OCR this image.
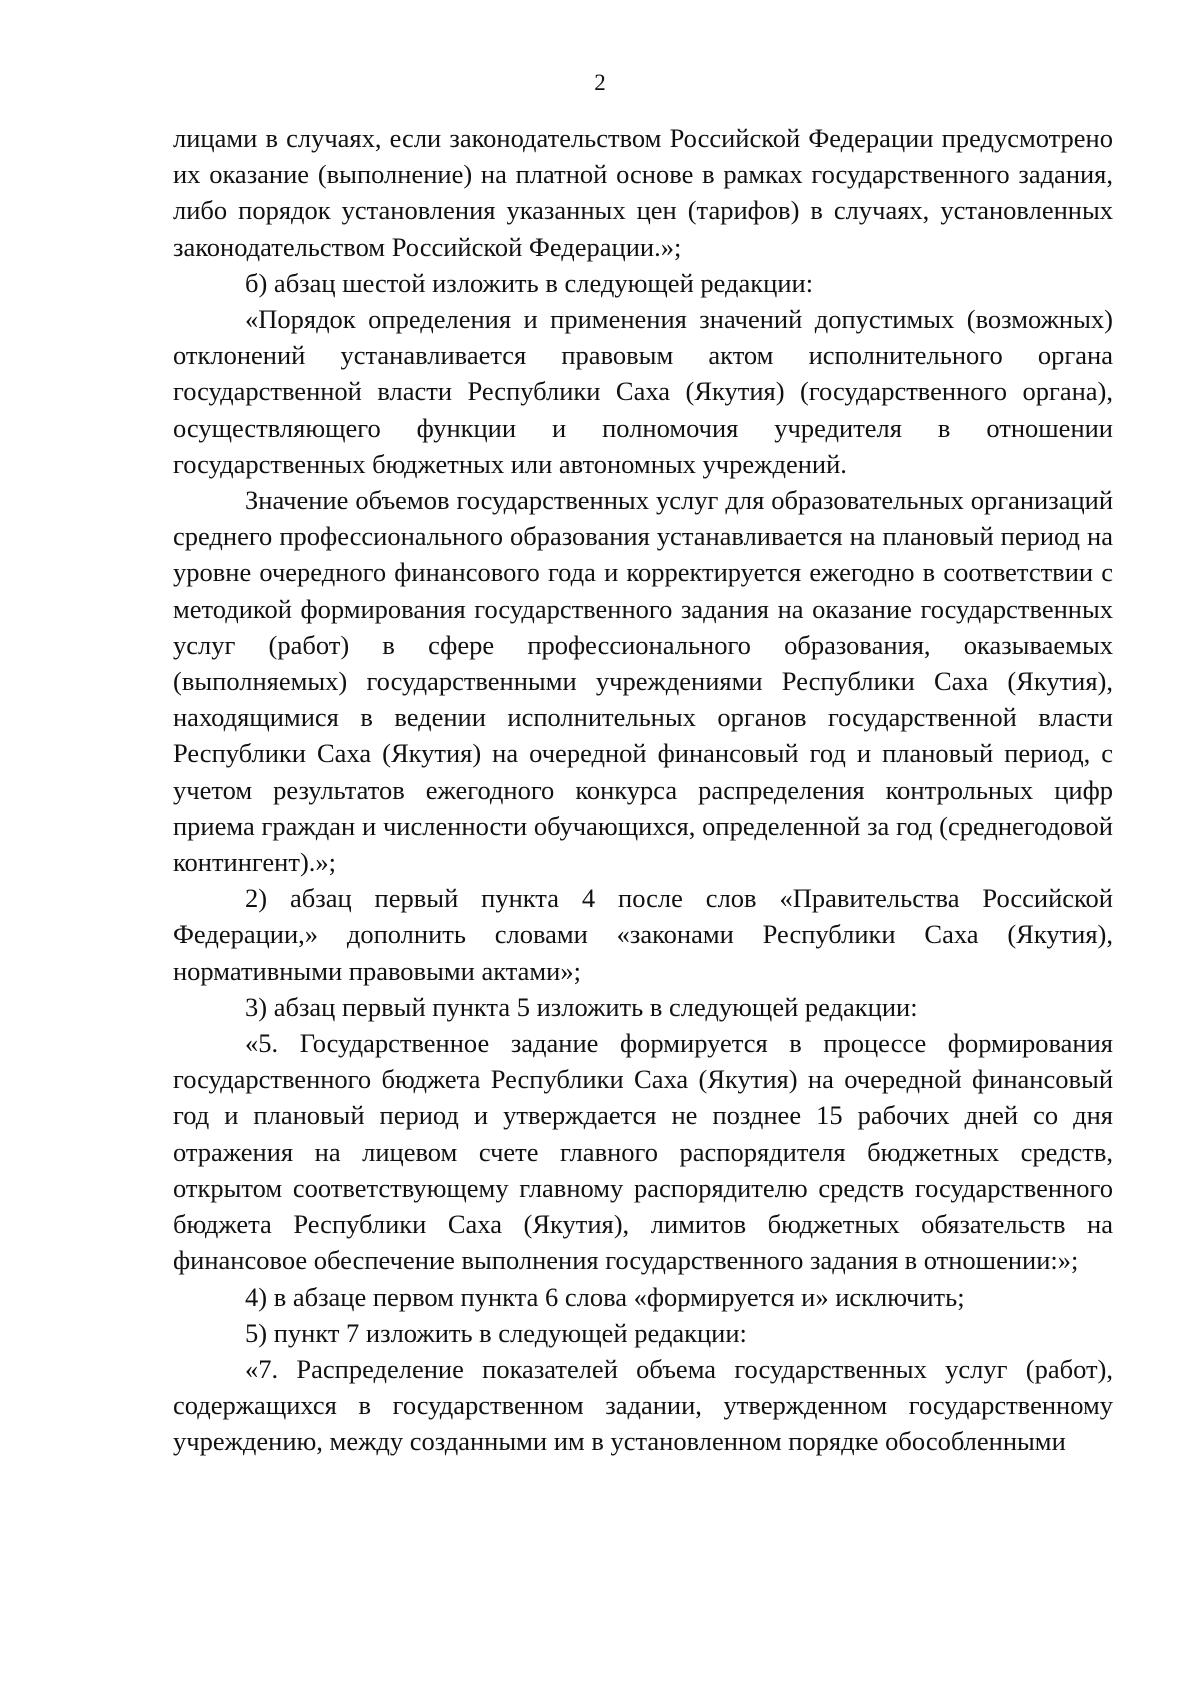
2

лицами в случаях, если законодательством Российской Федерации предусмотрено их оказание (выполнение) на платной основе в рамках государственного задания, либо порядок установления указанных цен (тарифов) в случаях, установленных законодательством Российской Федерации.»;

б) абзац шестой изложить в следующей редакции:

«Порядок определения и применения значений допустимых (возможных) отклонений устанавливается правовым актом исполнительного органа государственной власти Республики Саха (Якутия) (государственного органа), осуществляющего функции и полномочия учредителя в отношении государственных бюджетных или автономных учреждений.

Значение объемов государственных услуг для образовательных организаций среднего профессионального образования устанавливается на плановый период на уровне очередного финансового года и корректируется ежегодно в соответствии с методикой формирования государственного задания на оказание государственных услуг (работ) в сфере профессионального образования, оказываемых (выполняемых) государственными учреждениями Республики Саха (Якутия), находящимися в ведении исполнительных органов государственной власти Республики Саха (Якутия) на очередной финансовый год и плановый период, с учетом результатов ежегодного конкурса распределения контрольных цифр приема граждан и численности обучающихся, определенной за год (среднегодовой контингент).»;

2) абзац первый пункта 4 после слов «Правительства Российской Федерации,» дополнить словами «законами Республики Саха (Якутия), нормативными правовыми актами»;

3) абзац первый пункта 5 изложить в следующей редакции:

«5. Государственное задание формируется в процессе формирования государственного бюджета Республики Саха (Якутия) на очередной финансовый год и плановый период и утверждается не позднее 15 рабочих дней со дня отражения на лицевом счете главного распорядителя бюджетных средств, открытом соответствующему главному распорядителю средств государственного бюджета Республики Саха (Якутия), лимитов бюджетных обязательств на финансовое обеспечение выполнения государственного задания в отношении:»;

4) в абзаце первом пункта 6 слова «формируется и» исключить;

5) пункт 7 изложить в следующей редакции:

«7. Распределение показателей объема государственных услуг (работ), содержащихся в государственном задании, утвержденном государственному учреждению, между созданными им в установленном порядке обособленными
